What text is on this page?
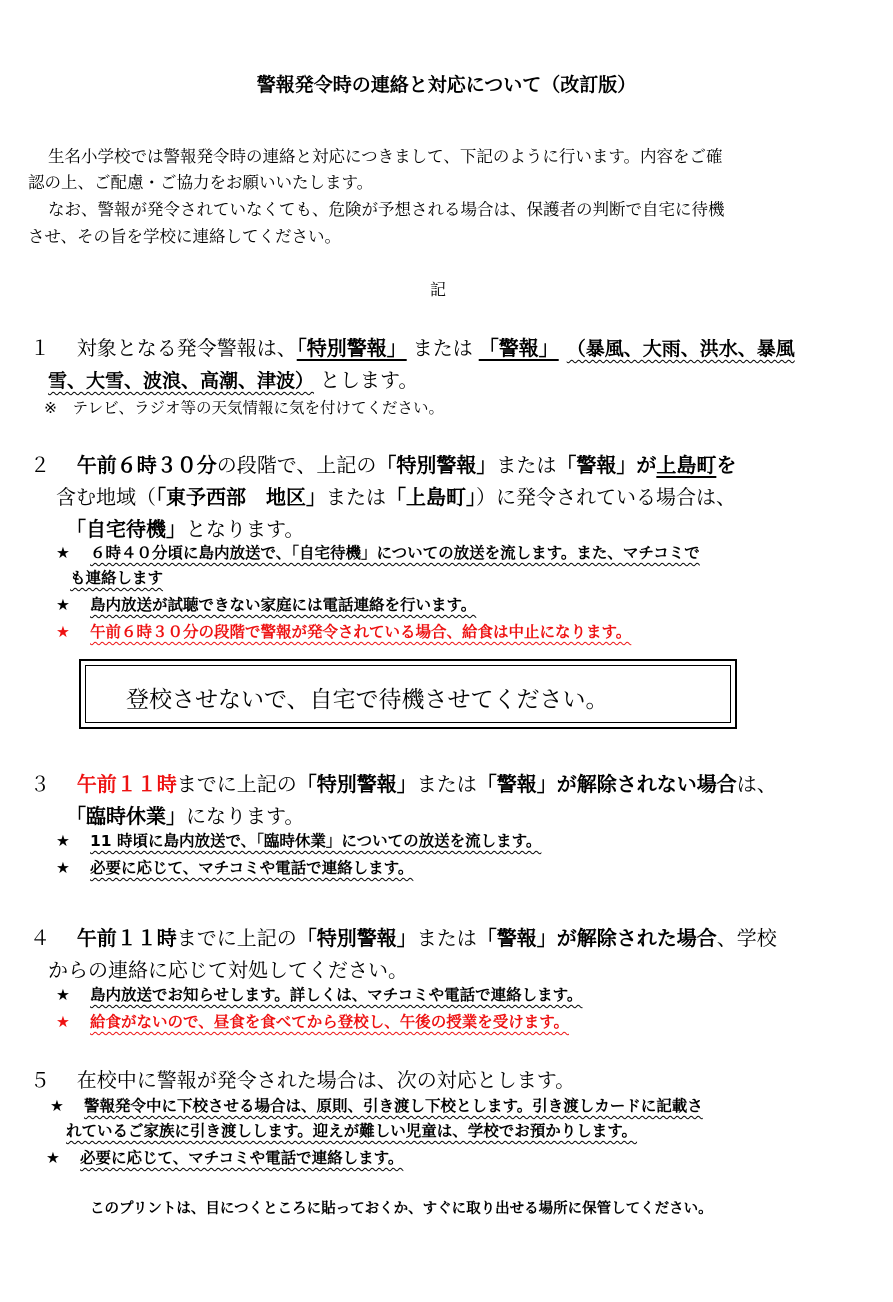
警報発令時の連絡と対応について（改訂版）
生名小学校では警報発令時の連絡と対応につきまして、下記のように行います。内容をご確
認の上、ご配慮・ご協力をお願いいたします。
なお、警報が発令されていなくても、危険が予想される場合は、保護者の判断で自宅に待機
させ、その旨を学校に連絡してください。
記
１ 対象となる発令警報は、「特別警報」 または 「警報」 （暴風、大雨、洪水、暴風
雪、大雪、波浪、高潮、津波） とします。
※　テレビ、ラジオ等の天気情報に気を付けてください。
２ 午前６時３０分の段階で、上記の「特別警報」または「警報」が上島町を
含む地域（「東予西部　地区」または「上島町」）に発令されている場合は、
「自宅待機」となります。
★ ６時４０分頃に島内放送で、「自宅待機」についての放送を流します。また、マチコミで
も連絡します
★ 島内放送が試聴できない家庭には電話連絡を行います。
★ 午前６時３０分の段階で警報が発令されている場合、給食は中止になります。
登校させないで、自宅で待機させてください。
３ 午前１１時までに上記の「特別警報」または「警報」が解除されない場合は、
「臨時休業」になります。
★ 11 時頃に島内放送で、「臨時休業」についての放送を流します。
★ 必要に応じて、マチコミや電話で連絡します。
４ 午前１１時までに上記の「特別警報」または「警報」が解除された場合、学校
からの連絡に応じて対処してください。
★ 島内放送でお知らせします。詳しくは、マチコミや電話で連絡します。
★ 給食がないので、昼食を食べてから登校し、午後の授業を受けます。
５ 在校中に警報が発令された場合は、次の対応とします。
★ 警報発令中に下校させる場合は、原則、引き渡し下校とします。引き渡しカードに記載さ
れているご家族に引き渡しします。迎えが難しい児童は、学校でお預かりします。
★ 必要に応じて、マチコミや電話で連絡します。
このプリントは、目につくところに貼っておくか、すぐに取り出せる場所に保管してください。
